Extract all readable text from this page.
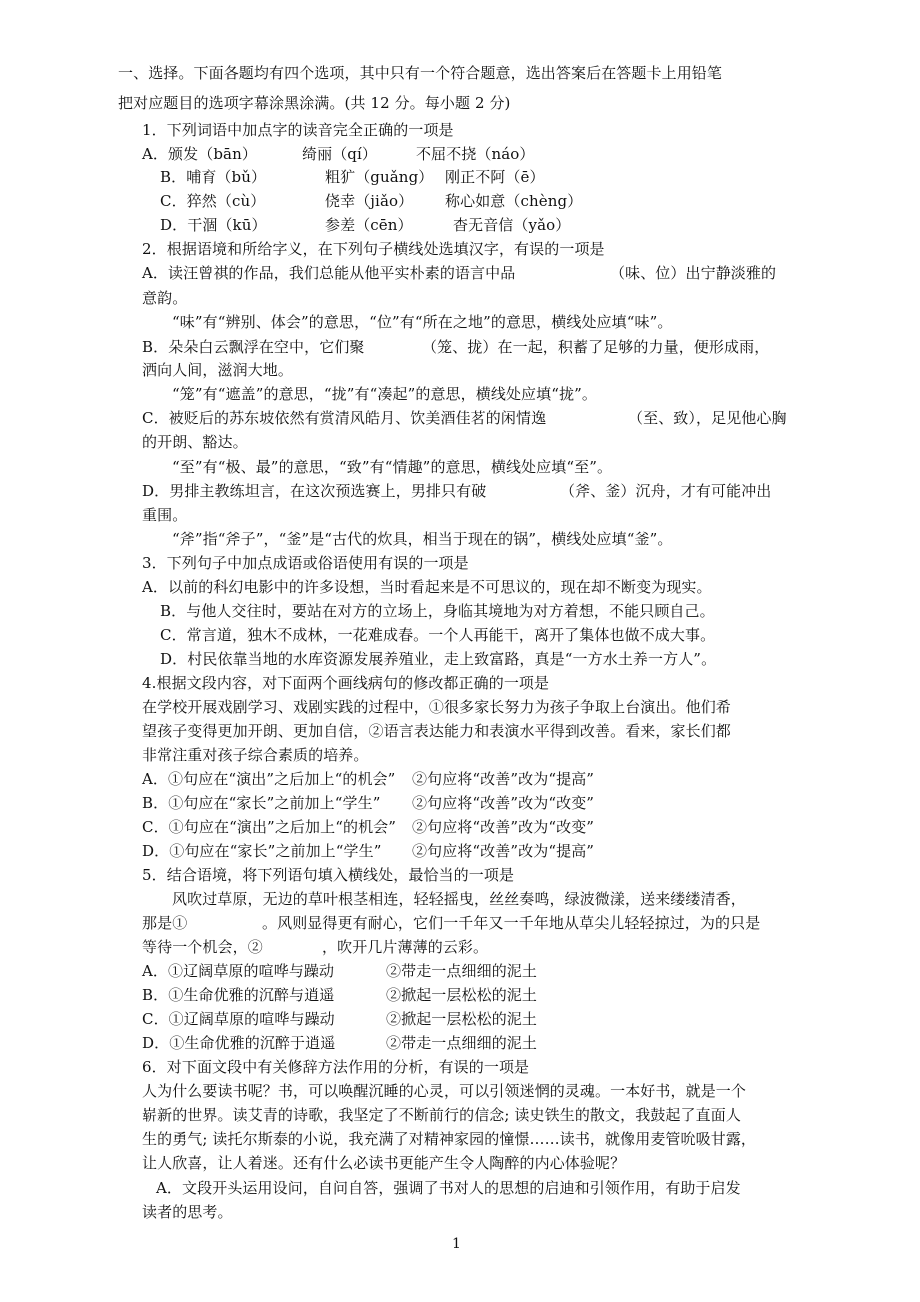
一、选择。下面各题均有四个选项，其中只有一个符合题意，选出答案后在答题卡上用铅笔
把对应题目的选项字幕涂黑涂满。(共 12 分。每小题 2 分)
1．下列词语中加点字的读音完全正确的一项是
A．颁发（bān）	绮丽（qí）	不屈不挠（náo）
B．哺育（bǔ）	粗犷（guǎng） 刚正不阿（ē）
C．猝然（cù）	侥幸（jiǎo） 称心如意（chèng）
D．干涸（kū）	参差（cēn）	杳无音信（yǎo）
2．根据语境和所给字义，在下列句子横线处选填汉字，有误的一项是
A．读汪曾祺的作品，我们总能从他平实朴素的语言中品	（味、位）出宁静淡雅的
意韵。
“味”有“辨别、体会”的意思，“位”有“所在之地”的意思，横线处应填“味”。
B．朵朵白云飘浮在空中，它们聚	（笼、拢）在一起，积蓄了足够的力量，便形成雨，
洒向人间，滋润大地。
“笼”有“遮盖”的意思，“拢”有“凑起”的意思，横线处应填“拢”。
C．被贬后的苏东坡依然有赏清风皓月、饮美酒佳茗的闲情逸	（至、致），足见他心胸
的开朗、豁达。
“至”有“极、最”的意思，“致”有“情趣”的意思，横线处应填“至”。
D．男排主教练坦言，在这次预选赛上，男排只有破	（斧、釜）沉舟，才有可能冲出
重围。
“斧”指“斧子”，“釜”是“古代的炊具，相当于现在的锅”，横线处应填“釜”。
3．下列句子中加点成语或俗语使用有误的一项是
A．以前的科幻电影中的许多设想，当时看起来是不可思议的，现在却不断变为现实。
B．与他人交往时，要站在对方的立场上，身临其境地为对方着想，不能只顾自己。
C．常言道，独木不成林，一花难成春。一个人再能干，离开了集体也做不成大事。
D．村民依靠当地的水库资源发展养殖业，走上致富路，真是“一方水土养一方人”。
4.根据文段内容，对下面两个画线病句的修改都正确的一项是
在学校开展戏剧学习、戏剧实践的过程中，①很多家长努力为孩子争取上台演出。他们希
望孩子变得更加开朗、更加自信，②语言表达能力和表演水平得到改善。看来，家长们都
非常注重对孩子综合素质的培养。
A．①句应在“演出”之后加上“的机会” ②句应将“改善”改为“提高”
B．①句应在“家长”之前加上“学生” ②句应将“改善”改为“改变”
C．①句应在“演出”之后加上“的机会” ②句应将“改善”改为“改变”
D．①句应在“家长”之前加上“学生” ②句应将“改善”改为“提高”
5．结合语境，将下列语句填入横线处，最恰当的一项是
风吹过草原，无边的草叶根茎相连，轻轻摇曳，丝丝奏鸣，绿波微漾，送来缕缕清香，
那是①	。风则显得更有耐心，它们一千年又一千年地从草尖儿轻轻掠过，为的只是
等待一个机会，②	，吹开几片薄薄的云彩。
A．①辽阔草原的喧哗与躁动	②带走一点细细的泥土
B．①生命优雅的沉醉与逍遥	②掀起一层松松的泥土
C．①辽阔草原的喧哗与躁动	②掀起一层松松的泥土
D．①生命优雅的沉醉于逍遥	②带走一点细细的泥土
6．对下面文段中有关修辞方法作用的分析，有误的一项是
人为什么要读书呢？书，可以唤醒沉睡的心灵，可以引领迷惘的灵魂。一本好书，就是一个
崭新的世界。读艾青的诗歌，我坚定了不断前行的信念; 读史铁生的散文，我鼓起了直面人
生的勇气; 读托尔斯泰的小说，我充满了对精神家园的憧憬……读书，就像用麦管吮吸甘露，
让人欣喜，让人着迷。还有什么必读书更能产生令人陶醉的内心体验呢？
A．文段开头运用设问，自问自答，强调了书对人的思想的启迪和引领作用，有助于启发
读者的思考。
1
